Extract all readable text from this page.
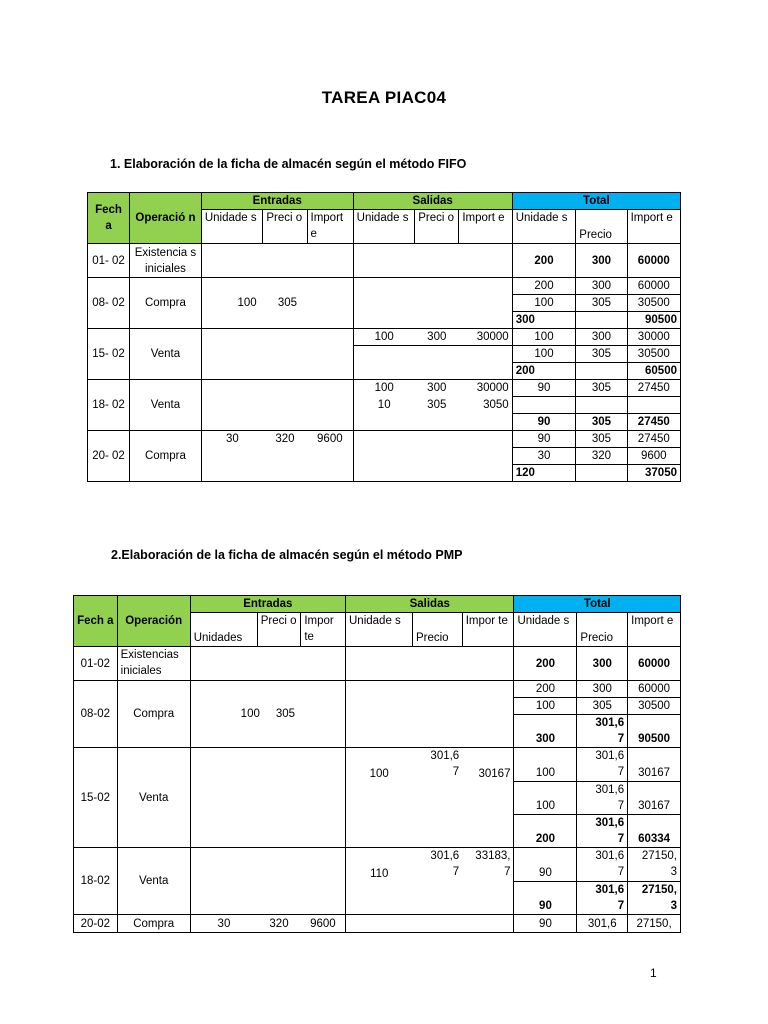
TAREA PIAC04
1. Elaboración de la ficha de almacén según el método FIFO
Fech a	Operació n	Entradas			Salidas			Total		
		Unidade s	Preci o	Import e	Unidade s	Preci o	Import e	Unidade s	Precio	Import e
01- 02	Existencia s iniciales							200	300	60000
08- 02	Compra	100 305						200	300	60000
								100	305	30500
								300		90500
15- 02	Venta				100	300	30000	100	300	30000
								100	305	30500
								200		60500
18- 02	Venta				100	300	30000	90	305	27450
					10	305	3050			
								90	305	27450
20- 02	Compra	30	320	9600				90	305	27450
								30	320	9600
								120		37050
2.Elaboración de la ficha de almacén según el método PMP
Fech a	Operación	Entradas			Salidas			Total		
		Unidades	Preci o	Impor te	Unidade s	Precio	Impor te	Unidade s	Precio	Import e
01-02	Existencias iniciales							200	300	60000
08-02	Compra	100     305						200	300	60000
								100	305	30500
								300	301,6 7	90500
15-02	Venta				100	301,6 7	30167	100	301,6 7	30167
								100	301,6 7	30167
								200	301,6 7	60334
18-02	Venta				110	301,6 7	33183, 7	90	301,6 7	27150, 3
								90	301,6 7	27150, 3
20-02	Compra	30	320	9600				90	301,6	27150,
1
